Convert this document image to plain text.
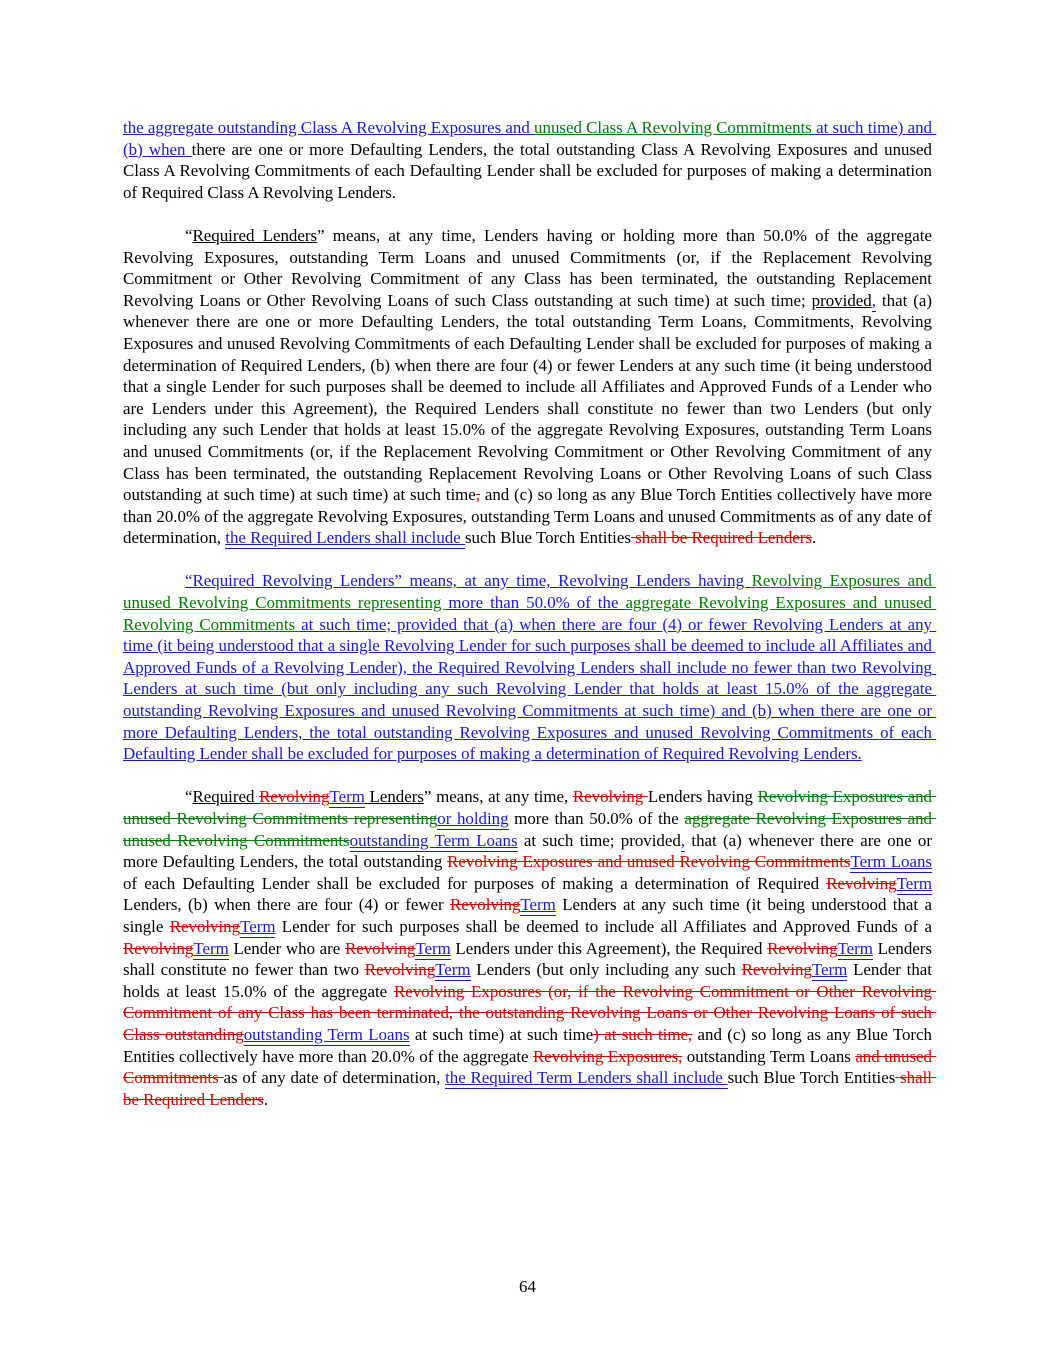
the aggregate outstanding Class A Revolving Exposures and unused Class A Revolving Commitments at such time) and (b) when there are one or more Defaulting Lenders, the total outstanding Class A Revolving Exposures and unused Class A Revolving Commitments of each Defaulting Lender shall be excluded for purposes of making a determination of Required Class A Revolving Lenders.

“Required Lenders” means, at any time, Lenders having or holding more than 50.0% of the aggregate Revolving Exposures, outstanding Term Loans and unused Commitments (or, if the Replacement Revolving Commitment or Other Revolving Commitment of any Class has been terminated, the outstanding Replacement Revolving Loans or Other Revolving Loans of such Class outstanding at such time) at such time; provided, that (a) whenever there are one or more Defaulting Lenders, the total outstanding Term Loans, Commitments, Revolving Exposures and unused Revolving Commitments of each Defaulting Lender shall be excluded for purposes of making a determination of Required Lenders, (b) when there are four (4) or fewer Lenders at any such time (it being understood that a single Lender for such purposes shall be deemed to include all Affiliates and Approved Funds of a Lender who are Lenders under this Agreement), the Required Lenders shall constitute no fewer than two Lenders (but only including any such Lender that holds at least 15.0% of the aggregate Revolving Exposures, outstanding Term Loans and unused Commitments (or, if the Replacement Revolving Commitment or Other Revolving Commitment of any Class has been terminated, the outstanding Replacement Revolving Loans or Other Revolving Loans of such Class outstanding at such time) at such time) at such time, and (c) so long as any Blue Torch Entities collectively have more than 20.0% of the aggregate Revolving Exposures, outstanding Term Loans and unused Commitments as of any date of determination, the Required Lenders shall include such Blue Torch Entities shall be Required Lenders.

“Required Revolving Lenders” means, at any time, Revolving Lenders having Revolving Exposures and unused Revolving Commitments representing more than 50.0% of the aggregate Revolving Exposures and unused Revolving Commitments at such time; provided that (a) when there are four (4) or fewer Revolving Lenders at any time (it being understood that a single Revolving Lender for such purposes shall be deemed to include all Affiliates and Approved Funds of a Revolving Lender), the Required Revolving Lenders shall include no fewer than two Revolving Lenders at such time (but only including any such Revolving Lender that holds at least 15.0% of the aggregate outstanding Revolving Exposures and unused Revolving Commitments at such time) and (b) when there are one or more Defaulting Lenders, the total outstanding Revolving Exposures and unused Revolving Commitments of each Defaulting Lender shall be excluded for purposes of making a determination of Required Revolving Lenders.

“Required RevolvingTerm Lenders” means, at any time, Revolving Lenders having Revolving Exposures and unused Revolving Commitments representingor holding more than 50.0% of the aggregate Revolving Exposures and unused Revolving Commitmentsoutstanding Term Loans at such time; provided, that (a) whenever there are one or more Defaulting Lenders, the total outstanding Revolving Exposures and unused Revolving CommitmentsTerm Loans of each Defaulting Lender shall be excluded for purposes of making a determination of Required RevolvingTerm Lenders, (b) when there are four (4) or fewer RevolvingTerm Lenders at any such time (it being understood that a single RevolvingTerm Lender for such purposes shall be deemed to include all Affiliates and Approved Funds of a RevolvingTerm Lender who are RevolvingTerm Lenders under this Agreement), the Required RevolvingTerm Lenders shall constitute no fewer than two RevolvingTerm Lenders (but only including any such RevolvingTerm Lender that holds at least 15.0% of the aggregate Revolving Exposures (or, if the Revolving Commitment or Other Revolving Commitment of any Class has been terminated, the outstanding Revolving Loans or Other Revolving Loans of such Class outstandingoutstanding Term Loans at such time) at such time) at such time, and (c) so long as any Blue Torch Entities collectively have more than 20.0% of the aggregate Revolving Exposures, outstanding Term Loans and unused Commitments as of any date of determination, the Required Term Lenders shall include such Blue Torch Entities shall be Required Lenders.

64
